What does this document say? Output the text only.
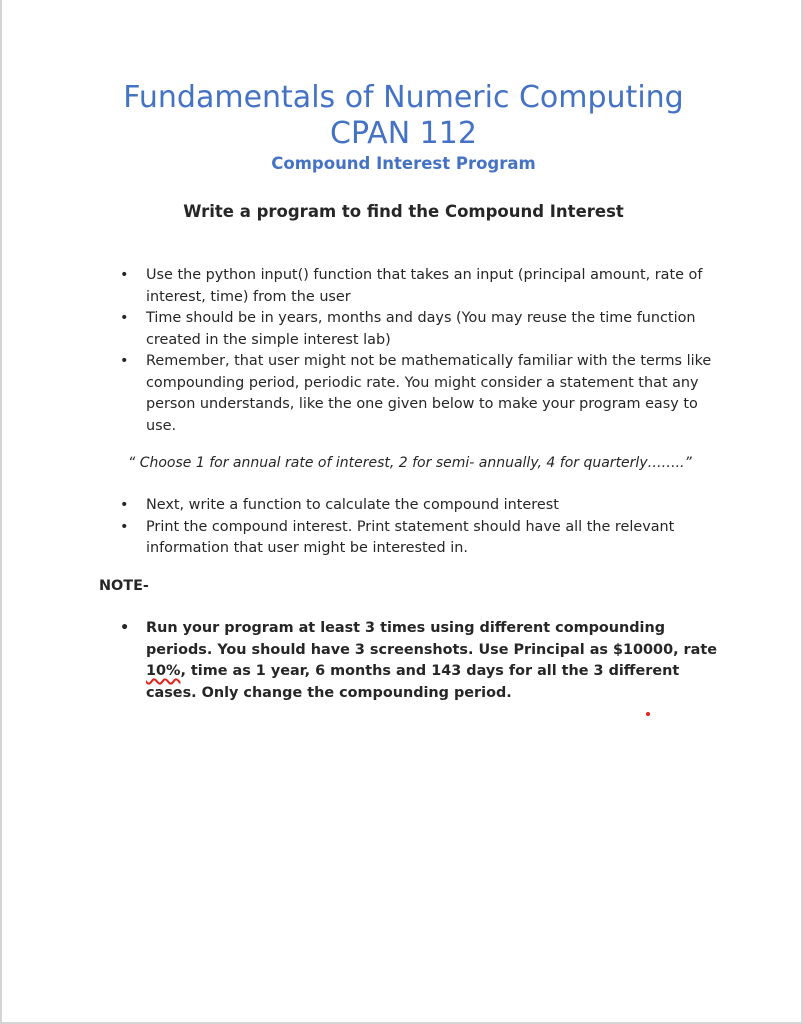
Fundamentals of Numeric Computing
CPAN 112
Compound Interest Program
Write a program to find the Compound Interest
• Use the python input() function that takes an input (principal amount, rate of interest, time) from the user
• Time should be in years, months and days (You may reuse the time function created in the simple interest lab)
• Remember, that user might not be mathematically familiar with the terms like compounding period, periodic rate. You might consider a statement that any person understands, like the one given below to make your program easy to use.
“ Choose 1 for annual rate of interest, 2 for semi- annually, 4 for quarterly……..”
• Next, write a function to calculate the compound interest
• Print the compound interest. Print statement should have all the relevant information that user might be interested in.
NOTE-
• Run your program at least 3 times using different compounding periods. You should have 3 screenshots. Use Principal as $10000, rate 10%, time as 1 year, 6 months and 143 days for all the 3 different cases. Only change the compounding period.
